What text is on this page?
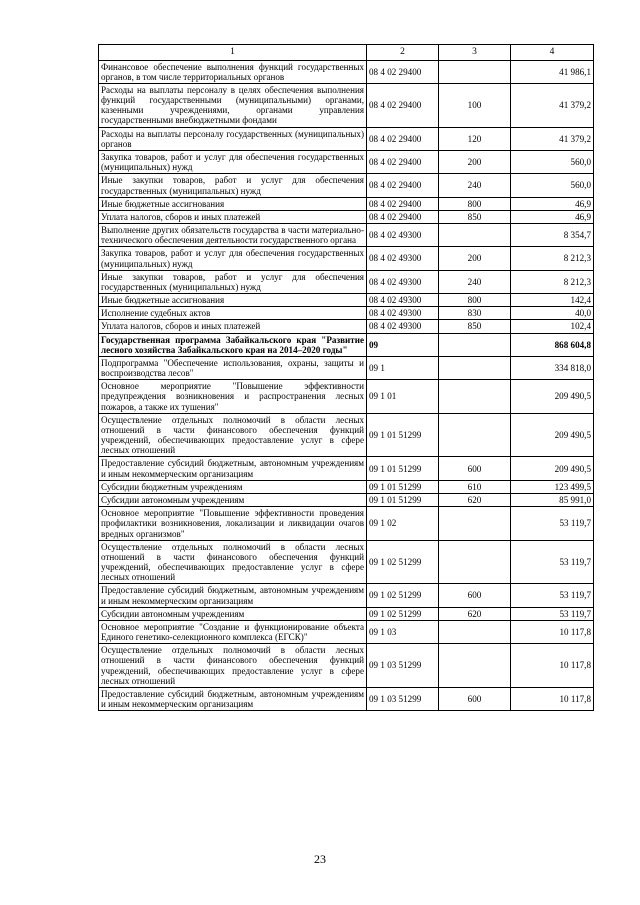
1	2	3	4
Финансовое обеспечение выполнения функций государственных органов, в том числе территориальных органов	08 4 02 29400		41 986,1
Расходы на выплаты персоналу в целях обеспечения выполнения функций государственными (муниципальными) органами, казенными учреждениями, органами управления государственными внебюджетными фондами	08 4 02 29400	100	41 379,2
Расходы на выплаты персоналу государственных (муниципальных) органов	08 4 02 29400	120	41 379,2
Закупка товаров, работ и услуг для обеспечения государственных (муниципальных) нужд	08 4 02 29400	200	560,0
Иные закупки товаров, работ и услуг для обеспечения государственных (муниципальных) нужд	08 4 02 29400	240	560,0
Иные бюджетные ассигнования	08 4 02 29400	800	46,9
Уплата налогов, сборов и иных платежей	08 4 02 29400	850	46,9
Выполнение других обязательств государства в части материально-технического обеспечения деятельности государственного органа	08 4 02 49300		8 354,7
Закупка товаров, работ и услуг для обеспечения государственных (муниципальных) нужд	08 4 02 49300	200	8 212,3
Иные закупки товаров, работ и услуг для обеспечения государственных (муниципальных) нужд	08 4 02 49300	240	8 212,3
Иные бюджетные ассигнования	08 4 02 49300	800	142,4
Исполнение судебных актов	08 4 02 49300	830	40,0
Уплата налогов, сборов и иных платежей	08 4 02 49300	850	102,4
Государственная программа Забайкальского края "Развитие лесного хозяйства Забайкальского края на 2014–2020 годы"	09		868 604,8
Подпрограмма "Обеспечение использования, охраны, защиты и воспроизводства лесов"	09 1		334 818,0
Основное мероприятие "Повышение эффективности предупреждения возникновения и распространения лесных пожаров, а также их тушения"	09 1 01		209 490,5
Осуществление отдельных полномочий в области лесных отношений в части финансового обеспечения функций учреждений, обеспечивающих предоставление услуг в сфере лесных отношений	09 1 01 51299		209 490,5
Предоставление субсидий бюджетным, автономным учреждениям и иным некоммерческим организациям	09 1 01 51299	600	209 490,5
Субсидии бюджетным учреждениям	09 1 01 51299	610	123 499,5
Субсидии автономным учреждениям	09 1 01 51299	620	85 991,0
Основное мероприятие "Повышение эффективности проведения профилактики возникновения, локализации и ликвидации очагов вредных организмов"	09 1 02		53 119,7
Осуществление отдельных полномочий в области лесных отношений в части финансового обеспечения функций учреждений, обеспечивающих предоставление услуг в сфере лесных отношений	09 1 02 51299		53 119,7
Предоставление субсидий бюджетным, автономным учреждениям и иным некоммерческим организациям	09 1 02 51299	600	53 119,7
Субсидии автономным учреждениям	09 1 02 51299	620	53 119,7
Основное мероприятие "Создание и функционирование объекта Единого генетико-селекционного комплекса (ЕГСК)"	09 1 03		10 117,8
Осуществление отдельных полномочий в области лесных отношений в части финансового обеспечения функций учреждений, обеспечивающих предоставление услуг в сфере лесных отношений	09 1 03 51299		10 117,8
Предоставление субсидий бюджетным, автономным учреждениям и иным некоммерческим организациям	09 1 03 51299	600	10 117,8
23
